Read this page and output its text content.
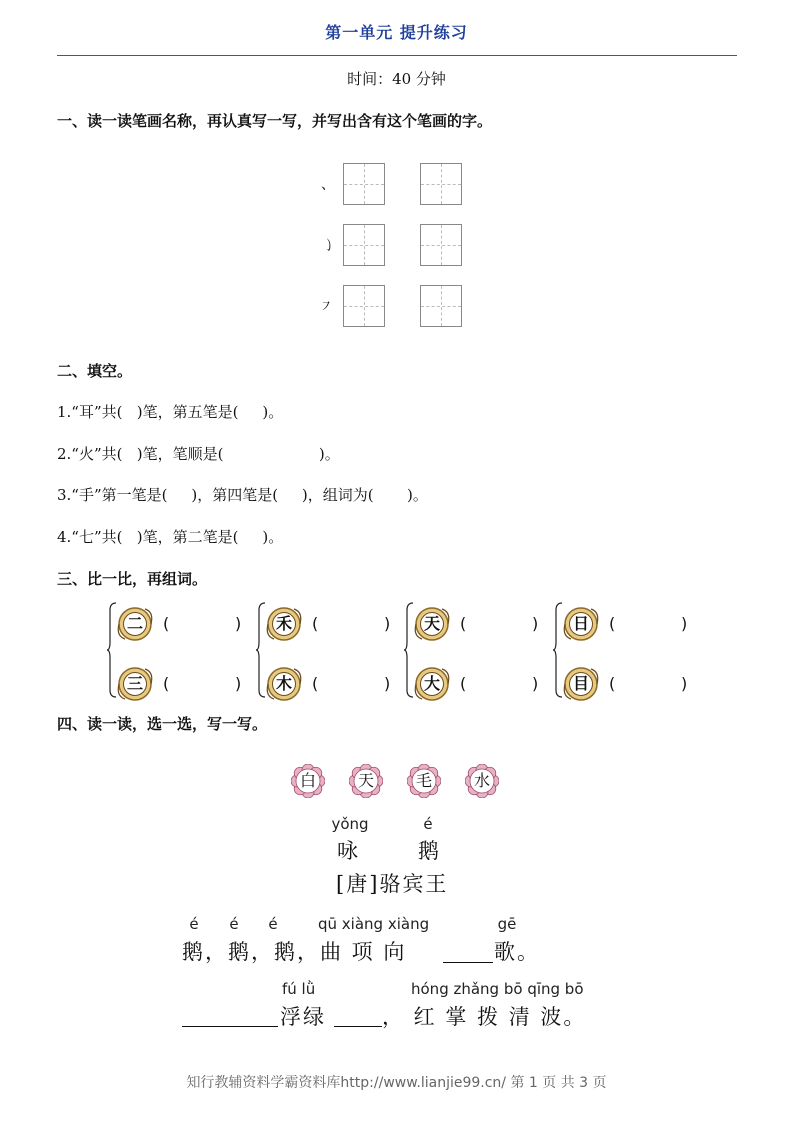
第一单元 提升练习
时间：40 分钟
一、读一读笔画名称，再认真写一写，并写出含有这个笔画的字。
、
㇁
㇇
二、填空。
1.“耳”共(   )笔，第五笔是(     )。
2.“火”共(   )笔，笔顺是(                    )。
3.“手”第一笔是(     )，第四笔是(     )，组词为(       )。
4.“七”共(   )笔，第二笔是(     )。
三、比一比，再组词。
二	(	)
三	(	)
禾	(	)
木	(	)
天	(	)
大	(	)
日	(	)
目	(	)
四、读一读，选一选，写一写。
白	天	毛	水
yǒng	é
咏	鹅
[唐]骆宾王
é	é	é	qū xiàng xiàng	gē
鹅，鹅，鹅， 曲 项 向	歌。
fú lǜ	hóng zhǎng bō qīng bō
浮绿	， 红 掌 拨 清 波。
知行教辅资料学霸资料库http://www.lianjie99.cn/ 第 1 页 共 3 页
